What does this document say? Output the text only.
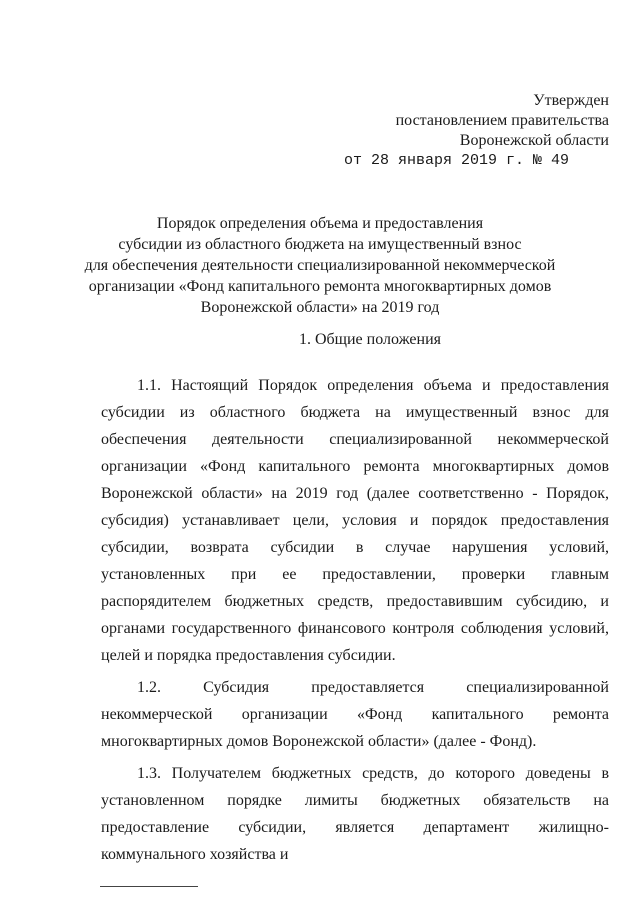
Утвержден
постановлением правительства
Воронежской области
от 28 января 2019 г. № 49
Порядок определения объема и предоставления
субсидии из областного бюджета на имущественный взнос
для обеспечения деятельности специализированной некоммерческой
организации «Фонд капитального ремонта многоквартирных домов
Воронежской области» на 2019 год
1. Общие положения

1.1. Настоящий Порядок определения объема и предоставления субсидии из областного бюджета на имущественный взнос для обеспечения деятельности специализированной некоммерческой организации «Фонд капитального ремонта многоквартирных домов Воронежской области» на 2019 год (далее соответственно - Порядок, субсидия) устанавливает цели, условия и порядок предоставления субсидии, возврата субсидии в случае нарушения условий, установленных при ее предоставлении, проверки главным распорядителем бюджетных средств, предоставившим субсидию, и органами государственного финансового контроля соблюдения условий, целей и порядка предоставления субсидии.

1.2. Субсидия предоставляется специализированной некоммерческой организации «Фонд капитального ремонта многоквартирных домов Воронежской области» (далее - Фонд).

1.3. Получателем бюджетных средств, до которого доведены в установленном порядке лимиты бюджетных обязательств на предоставление субсидии, является департамент жилищно-коммунального хозяйства и
